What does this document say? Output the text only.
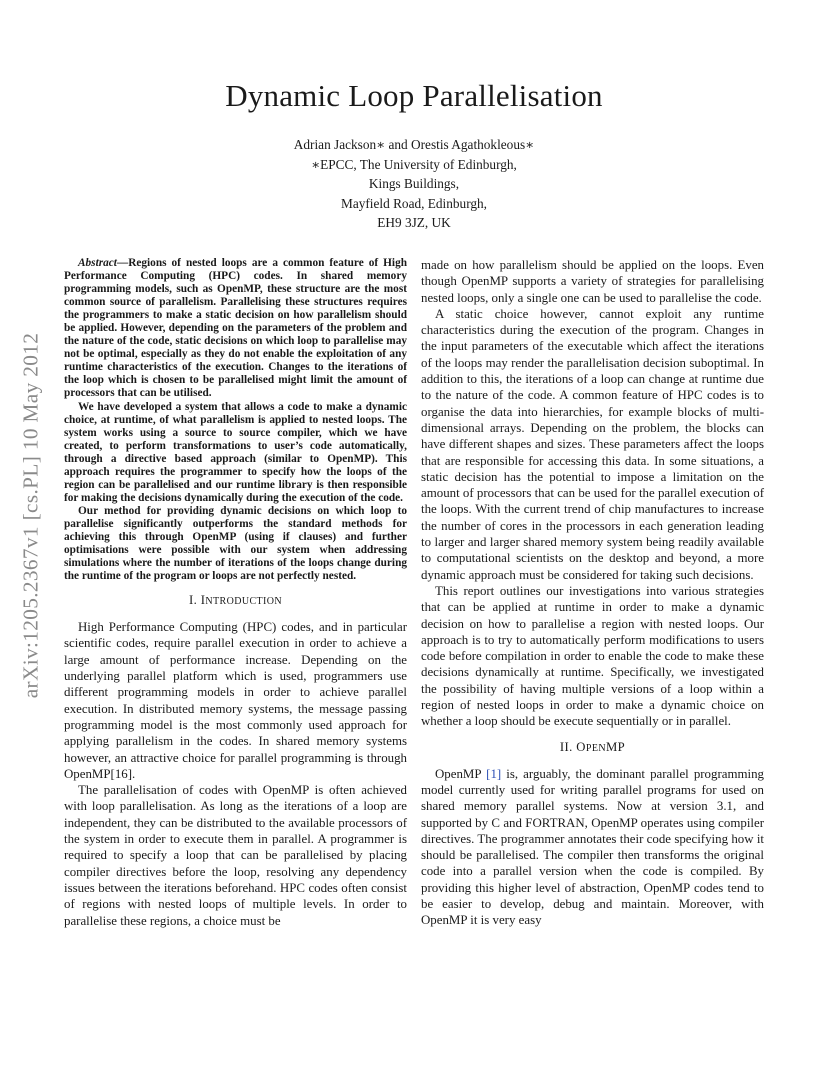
Dynamic Loop Parallelisation
Adrian Jackson∗ and Orestis Agathokleous∗
∗EPCC, The University of Edinburgh,
Kings Buildings,
Mayfield Road, Edinburgh,
EH9 3JZ, UK
arXiv:1205.2367v1 [cs.PL] 10 May 2012

Abstract—Regions of nested loops are a common feature of High Performance Computing (HPC) codes. In shared memory programming models, such as OpenMP, these structure are the most common source of parallelism. Parallelising these structures requires the programmers to make a static decision on how parallelism should be applied. However, depending on the parameters of the problem and the nature of the code, static decisions on which loop to parallelise may not be optimal, especially as they do not enable the exploitation of any runtime characteristics of the execution. Changes to the iterations of the loop which is chosen to be parallelised might limit the amount of processors that can be utilised.

We have developed a system that allows a code to make a dynamic choice, at runtime, of what parallelism is applied to nested loops. The system works using a source to source compiler, which we have created, to perform transformations to user’s code automatically, through a directive based approach (similar to OpenMP). This approach requires the programmer to specify how the loops of the region can be parallelised and our runtime library is then responsible for making the decisions dynamically during the execution of the code.

Our method for providing dynamic decisions on which loop to parallelise significantly outperforms the standard methods for achieving this through OpenMP (using if clauses) and further optimisations were possible with our system when addressing simulations where the number of iterations of the loops change during the runtime of the program or loops are not perfectly nested.

I. INTRODUCTION

High Performance Computing (HPC) codes, and in particular scientific codes, require parallel execution in order to achieve a large amount of performance increase. Depending on the underlying parallel platform which is used, programmers use different programming models in order to achieve parallel execution. In distributed memory systems, the message passing programming model is the most commonly used approach for applying parallelism in the codes. In shared memory systems however, an attractive choice for parallel programming is through OpenMP[16].

The parallelisation of codes with OpenMP is often achieved with loop parallelisation. As long as the iterations of a loop are independent, they can be distributed to the available processors of the system in order to execute them in parallel. A programmer is required to specify a loop that can be parallelised by placing compiler directives before the loop, resolving any dependency issues between the iterations beforehand. HPC codes often consist of regions with nested loops of multiple levels. In order to parallelise these regions, a choice must be

made on how parallelism should be applied on the loops. Even though OpenMP supports a variety of strategies for parallelising nested loops, only a single one can be used to parallelise the code.

A static choice however, cannot exploit any runtime characteristics during the execution of the program. Changes in the input parameters of the executable which affect the iterations of the loops may render the parallelisation decision suboptimal. In addition to this, the iterations of a loop can change at runtime due to the nature of the code. A common feature of HPC codes is to organise the data into hierarchies, for example blocks of multi-dimensional arrays. Depending on the problem, the blocks can have different shapes and sizes. These parameters affect the loops that are responsible for accessing this data. In some situations, a static decision has the potential to impose a limitation on the amount of processors that can be used for the parallel execution of the loops. With the current trend of chip manufactures to increase the number of cores in the processors in each generation leading to larger and larger shared memory system being readily available to computational scientists on the desktop and beyond, a more dynamic approach must be considered for taking such decisions.

This report outlines our investigations into various strategies that can be applied at runtime in order to make a dynamic decision on how to parallelise a region with nested loops. Our approach is to try to automatically perform modifications to users code before compilation in order to enable the code to make these decisions dynamically at runtime. Specifically, we investigated the possibility of having multiple versions of a loop within a region of nested loops in order to make a dynamic choice on whether a loop should be execute sequentially or in parallel.

II. OPENMP

OpenMP [1] is, arguably, the dominant parallel programming model currently used for writing parallel programs for used on shared memory parallel systems. Now at version 3.1, and supported by C and FORTRAN, OpenMP operates using compiler directives. The programmer annotates their code specifying how it should be parallelised. The compiler then transforms the original code into a parallel version when the code is compiled. By providing this higher level of abstraction, OpenMP codes tend to be easier to develop, debug and maintain. Moreover, with OpenMP it is very easy
